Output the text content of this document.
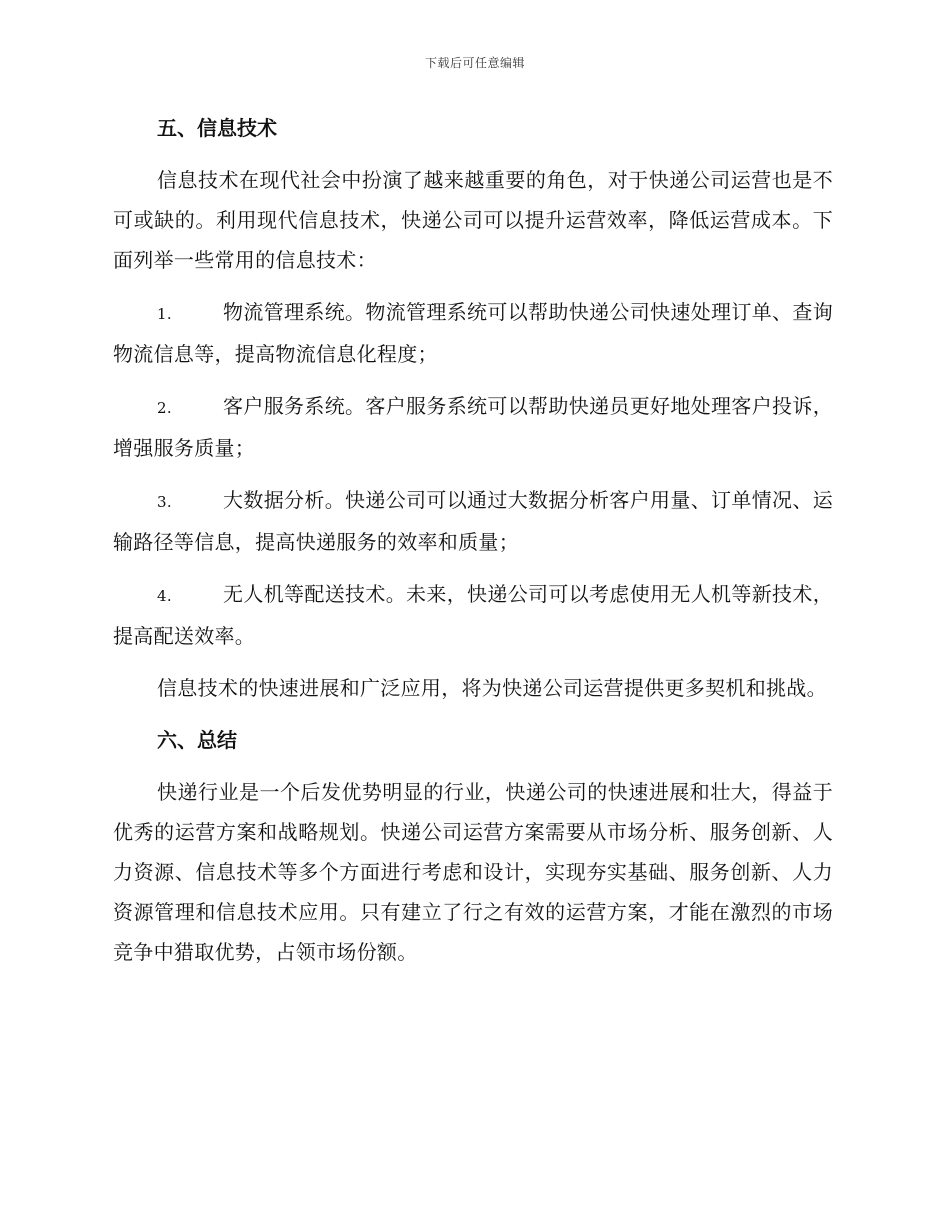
下载后可任意编辑
五、信息技术

信息技术在现代社会中扮演了越来越重要的角色，对于快递公司运营也是不可或缺的。利用现代信息技术，快递公司可以提升运营效率，降低运营成本。下面列举一些常用的信息技术：

1.	物流管理系统。物流管理系统可以帮助快递公司快速处理订单、查询物流信息等，提高物流信息化程度；

2.	客户服务系统。客户服务系统可以帮助快递员更好地处理客户投诉，增强服务质量；

3.	大数据分析。快递公司可以通过大数据分析客户用量、订单情况、运输路径等信息，提高快递服务的效率和质量；

4.	无人机等配送技术。未来，快递公司可以考虑使用无人机等新技术，提高配送效率。

信息技术的快速进展和广泛应用，将为快递公司运营提供更多契机和挑战。

六、总结

快递行业是一个后发优势明显的行业，快递公司的快速进展和壮大，得益于优秀的运营方案和战略规划。快递公司运营方案需要从市场分析、服务创新、人力资源、信息技术等多个方面进行考虑和设计，实现夯实基础、服务创新、人力资源管理和信息技术应用。只有建立了行之有效的运营方案，才能在激烈的市场竞争中猎取优势，占领市场份额。
